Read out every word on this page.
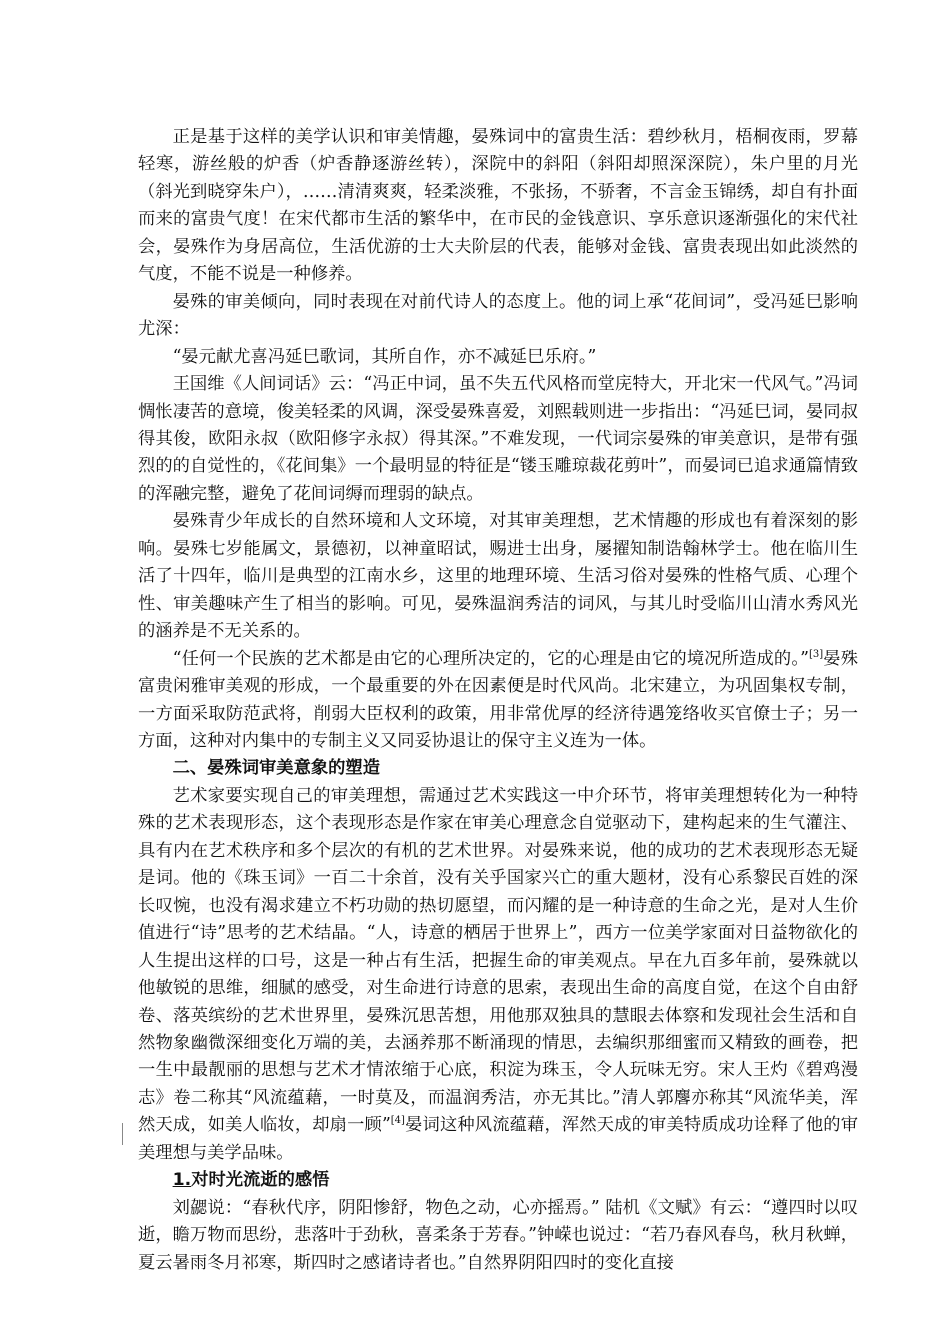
正是基于这样的美学认识和审美情趣，晏殊词中的富贵生活：碧纱秋月，梧桐夜雨，罗幕轻寒，游丝般的炉香（炉香静逐游丝转），深院中的斜阳（斜阳却照深深院），朱户里的月光（斜光到晓穿朱户），……清清爽爽，轻柔淡雅，不张扬，不骄奢，不言金玉锦绣，却自有扑面而来的富贵气度！在宋代都市生活的繁华中，在市民的金钱意识、享乐意识逐渐强化的宋代社会，晏殊作为身居高位，生活优游的士大夫阶层的代表，能够对金钱、富贵表现出如此淡然的气度，不能不说是一种修养。

晏殊的审美倾向，同时表现在对前代诗人的态度上。他的词上承“花间词”，受冯延巳影响尤深：

“晏元献尤喜冯延巳歌词，其所自作，亦不减延巳乐府。”

王国维《人间词话》云：“冯正中词，虽不失五代风格而堂庑特大，开北宋一代风气。”冯词惆怅凄苦的意境，俊美轻柔的风调，深受晏殊喜爱，刘熙载则进一步指出：“冯延巳词，晏同叔得其俊，欧阳永叔（欧阳修字永叔）得其深。”不难发现，一代词宗晏殊的审美意识，是带有强烈的的自觉性的，《花间集》一个最明显的特征是“镂玉雕琼裁花剪叶”，而晏词已追求通篇情致的浑融完整，避免了花间词缛而理弱的缺点。

晏殊青少年成长的自然环境和人文环境，对其审美理想，艺术情趣的形成也有着深刻的影响。晏殊七岁能属文，景德初，以神童昭试，赐进士出身，屡擢知制诰翰林学士。他在临川生活了十四年，临川是典型的江南水乡，这里的地理环境、生活习俗对晏殊的性格气质、心理个性、审美趣味产生了相当的影响。可见，晏殊温润秀洁的词风，与其儿时受临川山清水秀风光的涵养是不无关系的。

“任何一个民族的艺术都是由它的心理所决定的，它的心理是由它的境况所造成的。”[3]晏殊富贵闲雅审美观的形成，一个最重要的外在因素便是时代风尚。北宋建立，为巩固集权专制，一方面采取防范武将，削弱大臣权利的政策，用非常优厚的经济待遇笼络收买官僚士子；另一方面，这种对内集中的专制主义又同妥协退让的保守主义连为一体。

二、晏殊词审美意象的塑造

艺术家要实现自己的审美理想，需通过艺术实践这一中介环节，将审美理想转化为一种特殊的艺术表现形态，这个表现形态是作家在审美心理意念自觉驱动下，建构起来的生气灌注、具有内在艺术秩序和多个层次的有机的艺术世界。对晏殊来说，他的成功的艺术表现形态无疑是词。他的《珠玉词》一百二十余首，没有关乎国家兴亡的重大题材，没有心系黎民百姓的深长叹惋，也没有渴求建立不朽功勋的热切愿望，而闪耀的是一种诗意的生命之光，是对人生价值进行“诗”思考的艺术结晶。“人，诗意的栖居于世界上”，西方一位美学家面对日益物欲化的人生提出这样的口号，这是一种占有生活，把握生命的审美观点。早在九百多年前，晏殊就以他敏锐的思维，细腻的感受，对生命进行诗意的思索，表现出生命的高度自觉，在这个自由舒卷、落英缤纷的艺术世界里，晏殊沉思苦想，用他那双独具的慧眼去体察和发现社会生活和自然物象幽微深细变化万端的美，去涵养那不断涌现的情思，去编织那细蜜而又精致的画卷，把一生中最靓丽的思想与艺术才情浓缩于心底，积淀为珠玉，令人玩味无穷。宋人王灼《碧鸡漫志》卷二称其“风流蕴藉，一时莫及，而温润秀洁，亦无其比。”清人郭麐亦称其“风流华美，浑然天成，如美人临妆，却扇一顾”[4]晏词这种风流蕴藉，浑然天成的审美特质成功诠释了他的审美理想与美学品味。

1.对时光流逝的感悟

刘勰说：“春秋代序，阴阳惨舒，物色之动，心亦摇焉。” 陆机《文赋》有云：“遵四时以叹逝，瞻万物而思纷，悲落叶于劲秋，喜柔条于芳春。”钟嵘也说过：“若乃春风春鸟，秋月秋蝉，夏云暑雨冬月祁寒，斯四时之感诸诗者也。”自然界阴阳四时的变化直接
